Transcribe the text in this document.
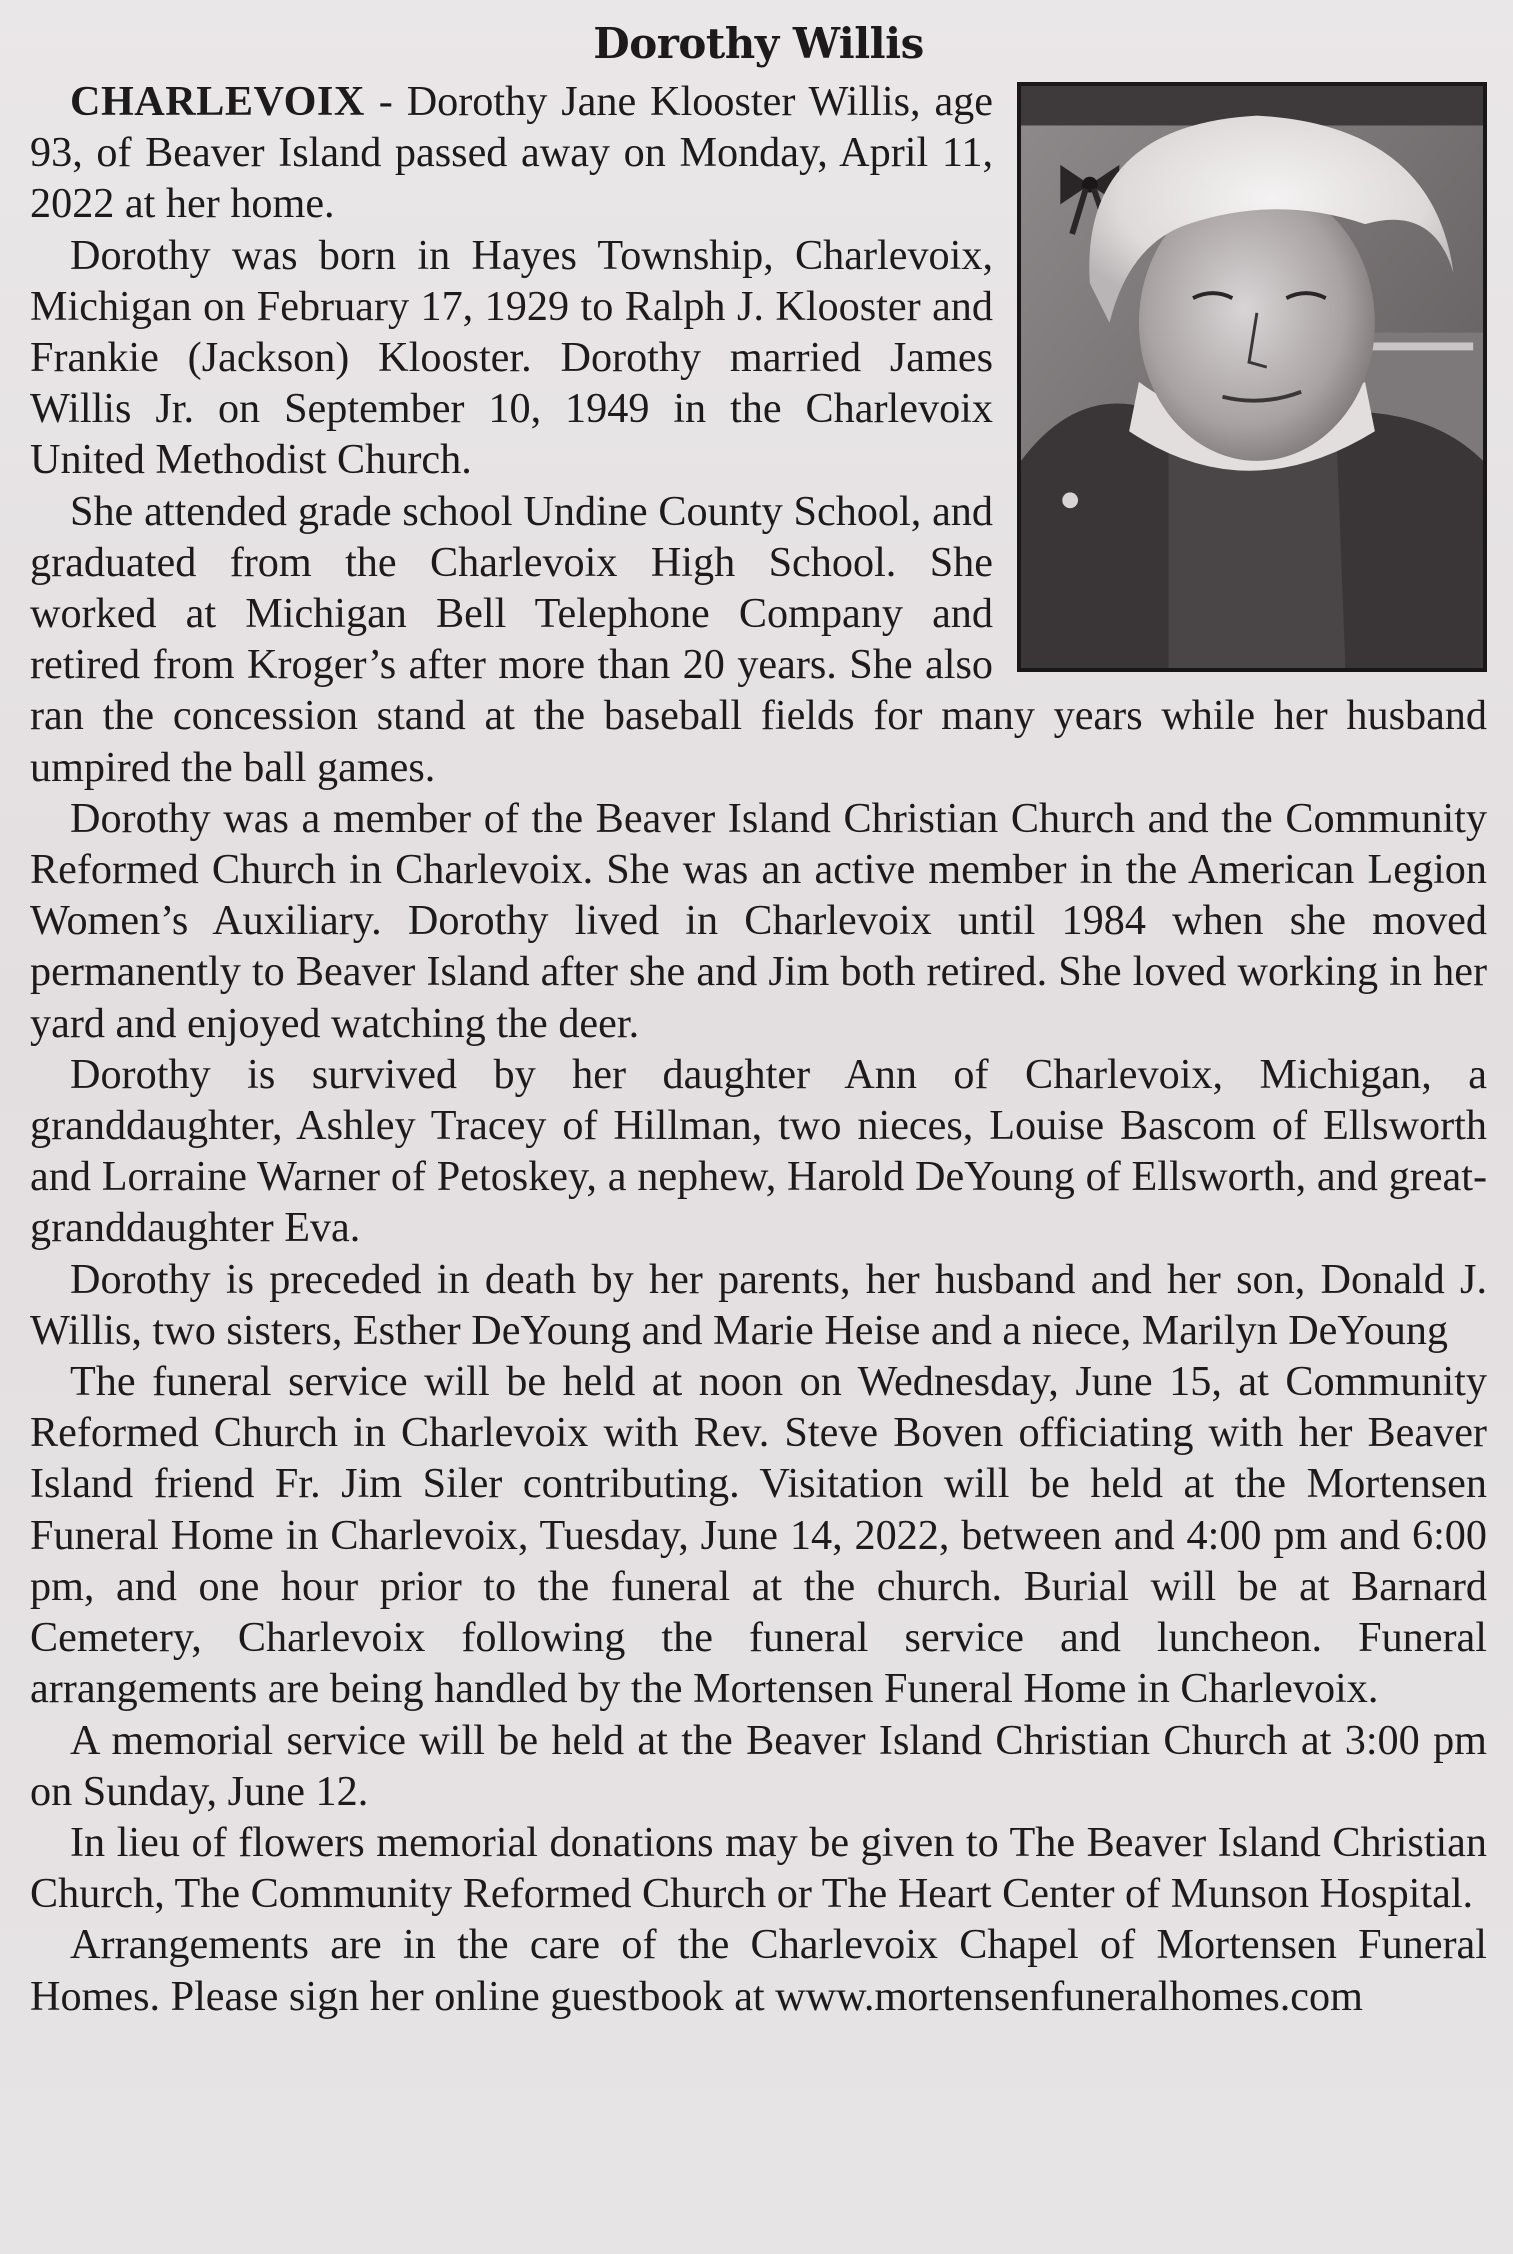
Dorothy Willis

CHARLEVOIX - Dorothy Jane Klooster Willis, age 93, of Beaver Island passed away on Monday, April 11, 2022 at her home.

Dorothy was born in Hayes Township, Charlevoix, Michigan on February 17, 1929 to Ralph J. Klooster and Frankie (Jackson) Klooster. Dorothy married James Willis Jr. on September 10, 1949 in the Charlevoix United Methodist Church.

She attended grade school Undine County School, and graduated from the Charlevoix High School. She worked at Michigan Bell Telephone Company and retired from Kroger’s after more than 20 years. She also ran the concession stand at the baseball fields for many years while her husband umpired the ball games.

Dorothy was a member of the Beaver Island Christian Church and the Community Reformed Church in Charlevoix. She was an active member in the American Legion Women’s Auxiliary. Dorothy lived in Charlevoix until 1984 when she moved permanently to Beaver Island after she and Jim both retired. She loved working in her yard and enjoyed watching the deer.

Dorothy is survived by her daughter Ann of Charlevoix, Michigan, a granddaughter, Ashley Tracey of Hillman, two nieces, Louise Bascom of Ellsworth and Lorraine Warner of Petoskey, a nephew, Harold DeYoung of Ellsworth, and great-granddaughter Eva.

Dorothy is preceded in death by her parents, her husband and her son, Donald J. Willis, two sisters, Esther DeYoung and Marie Heise and a niece, Marilyn DeYoung

The funeral service will be held at noon on Wednesday, June 15, at Community Reformed Church in Charlevoix with Rev. Steve Boven officiating with her Beaver Island friend Fr. Jim Siler contributing. Visitation will be held at the Mortensen Funeral Home in Charlevoix, Tuesday, June 14, 2022, between and 4:00 pm and 6:00 pm, and one hour prior to the funeral at the church. Burial will be at Barnard Cemetery, Charlevoix following the funeral service and luncheon. Funeral arrangements are being handled by the Mortensen Funeral Home in Charlevoix.

A memorial service will be held at the Beaver Island Christian Church at 3:00 pm on Sunday, June 12.

In lieu of flowers memorial donations may be given to The Beaver Island Christian Church, The Community Reformed Church or The Heart Center of Munson Hospital.

Arrangements are in the care of the Charlevoix Chapel of Mortensen Funeral Homes. Please sign her online guestbook at www.mortensenfuneralhomes.com
